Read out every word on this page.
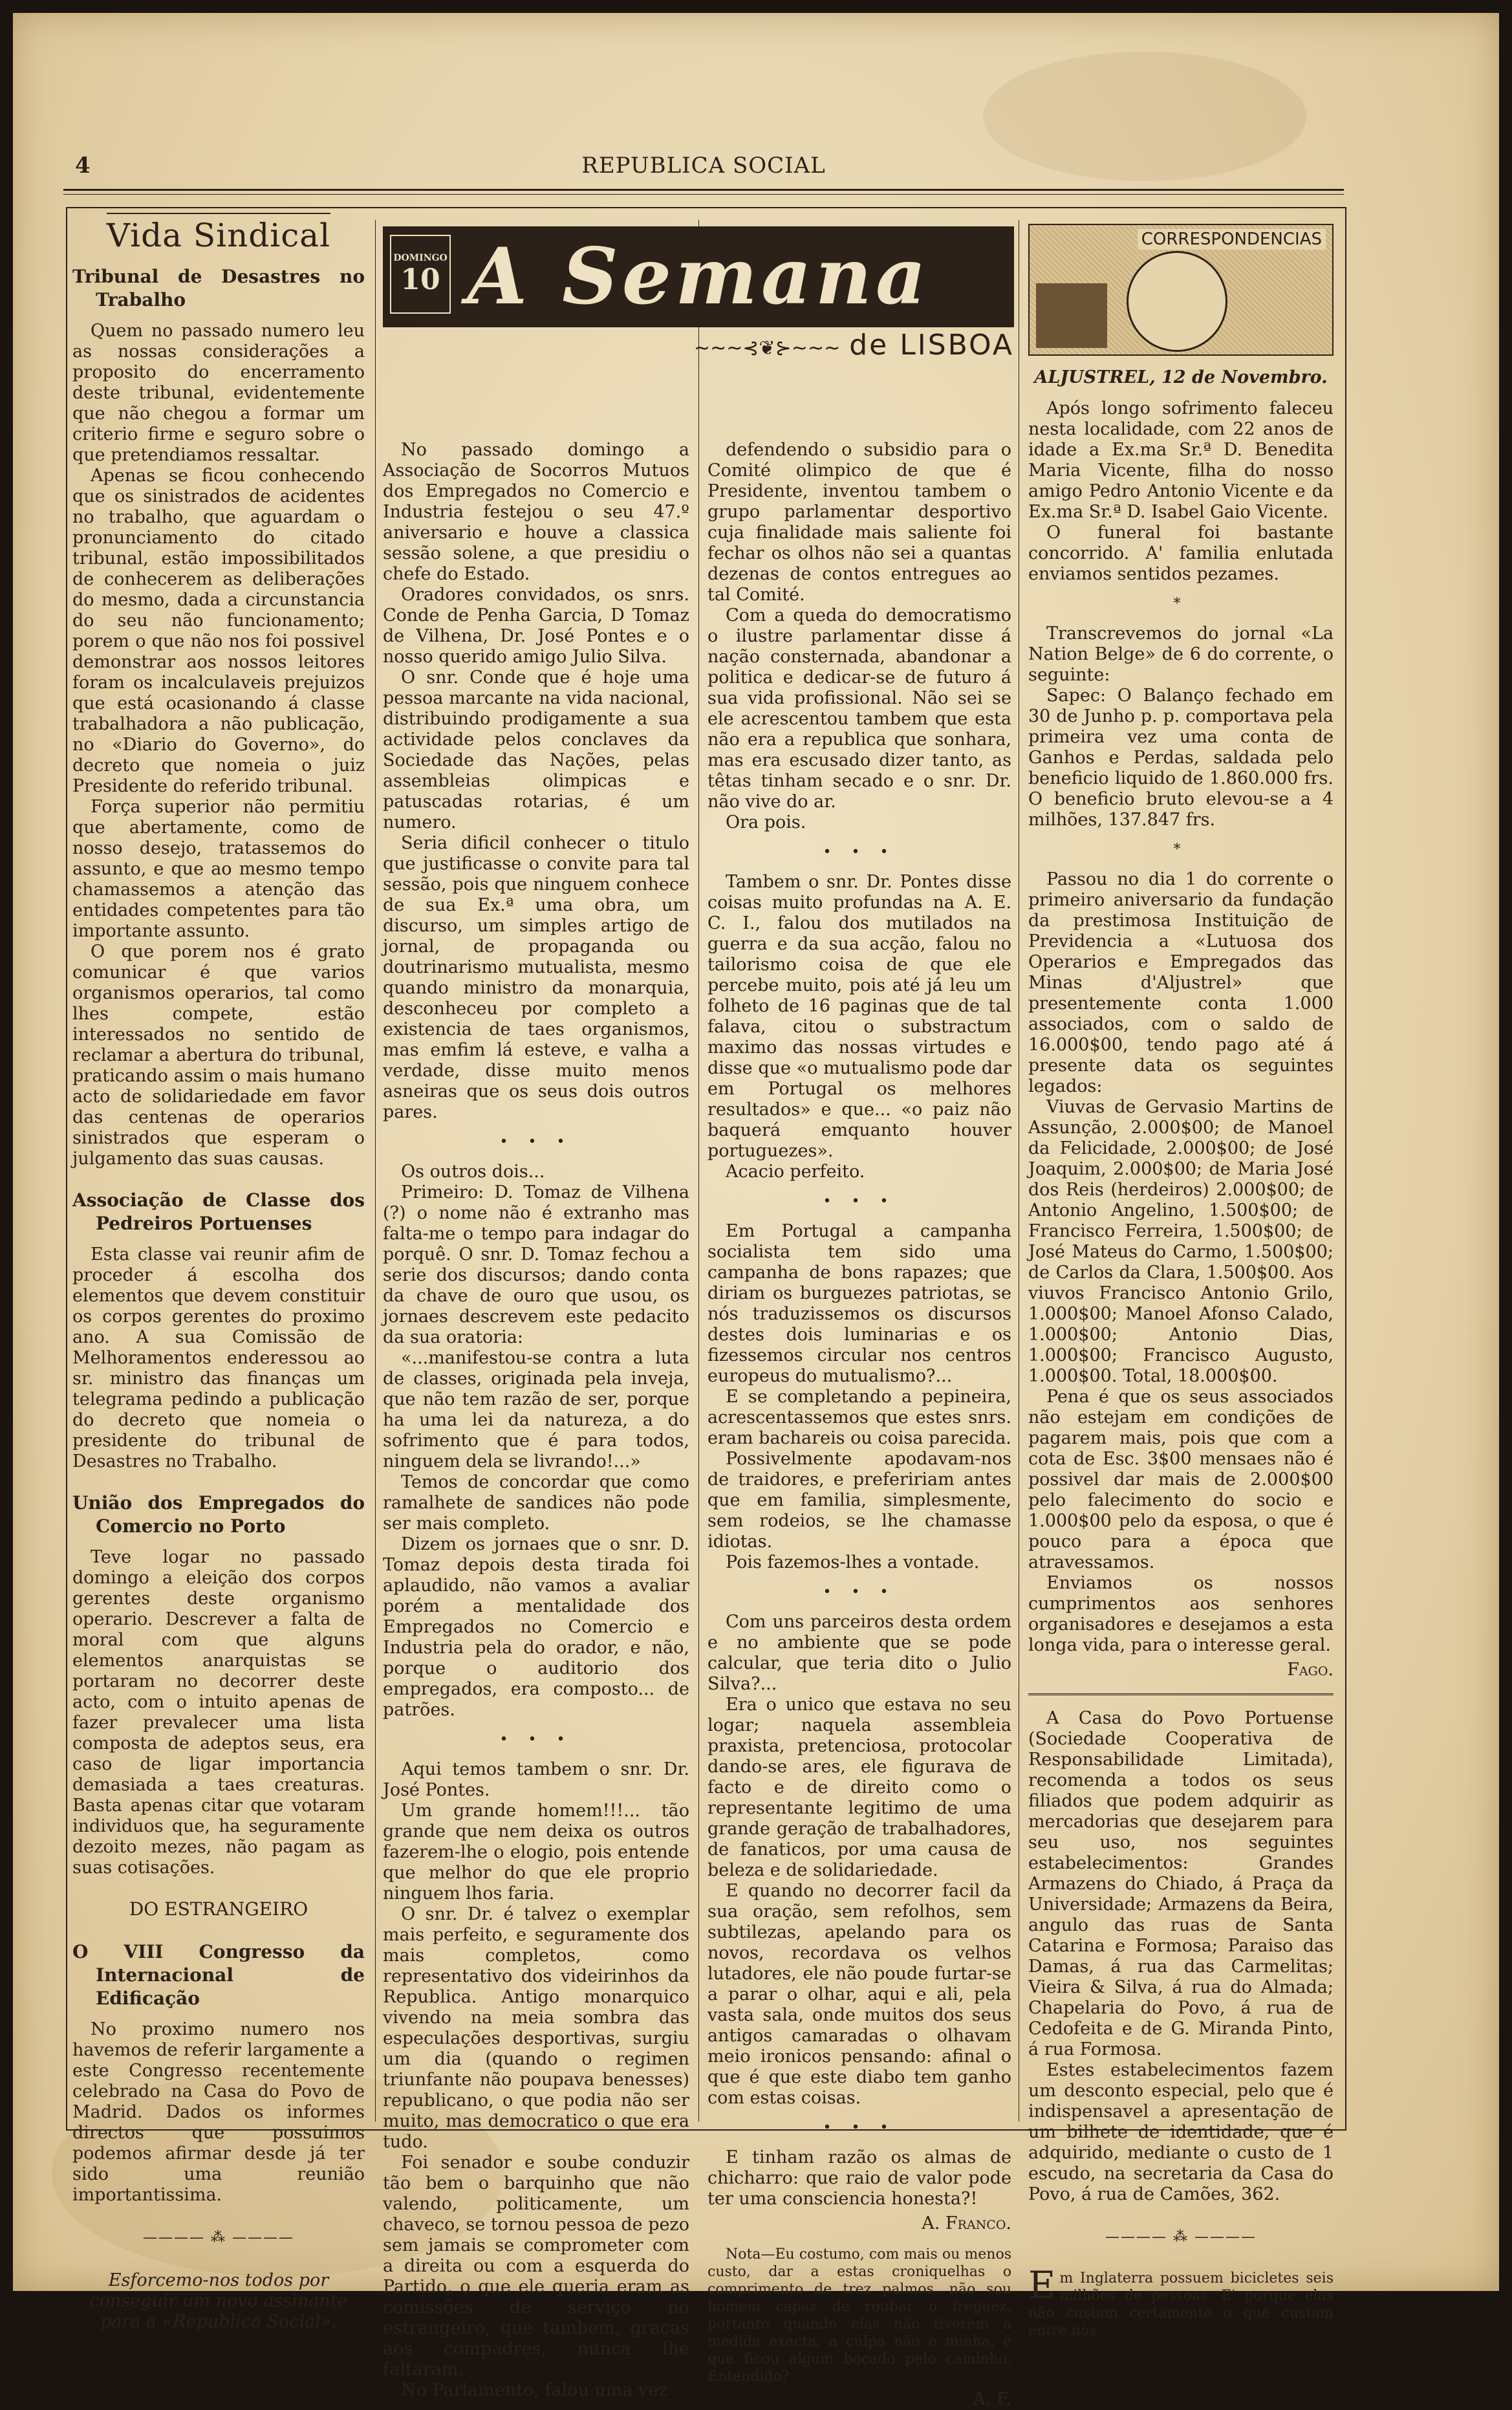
4	REPUBLICA SOCIAL
Vida Sindical
Tribunal de Desastres no Trabalho

Quem no passado numero leu as nossas considerações a proposito do encerramento deste tribunal, evidentemente que não chegou a formar um criterio firme e seguro sobre o que pretendiamos ressaltar.

Apenas se ficou conhecendo que os sinistrados de acidentes no trabalho, que aguardam o pronunciamento do citado tribunal, estão impossibilitados de conhecerem as deliberações do mesmo, dada a circunstancia do seu não funcionamento; porem o que não nos foi possivel demonstrar aos nossos leitores foram os incalculaveis prejuizos que está ocasionando á classe trabalhadora a não publicação, no «Diario do Governo», do decreto que nomeia o juiz Presidente do referido tribunal.

Força superior não permitiu que abertamente, como de nosso desejo, tratassemos do assunto, e que ao mesmo tempo chamassemos a atenção das entidades competentes para tão importante assunto.

O que porem nos é grato comunicar é que varios organismos operarios, tal como lhes compete, estão interessados no sentido de reclamar a abertura do tribunal, praticando assim o mais humano acto de solidariedade em favor das centenas de operarios sinistrados que esperam o julgamento das suas causas.

Associação de Classe dos Pedreiros Portuenses

Esta classe vai reunir afim de proceder á escolha dos elementos que devem constituir os corpos gerentes do proximo ano. A sua Comissão de Melhoramentos enderessou ao sr. ministro das finanças um telegrama pedindo a publicação do decreto que nomeia o presidente do tribunal de Desastres no Trabalho.

União dos Empregados do Comercio no Porto

Teve logar no passado domingo a eleição dos corpos gerentes deste organismo operario. Descrever a falta de moral com que alguns elementos anarquistas se portaram no decorrer deste acto, com o intuito apenas de fazer prevalecer uma lista composta de adeptos seus, era caso de ligar importancia demasiada a taes creaturas. Basta apenas citar que votaram individuos que, ha seguramente dezoito mezes, não pagam as suas cotisações.

DO ESTRANGEIRO
O VIII Congresso da Internacional de Edificação

No proximo numero nos havemos de referir largamente a este Congresso recentemente celebrado na Casa do Povo de Madrid. Dados os informes directos que possuimos podemos afirmar desde já ter sido uma reunião importantissima.

———— ⁂ ————

Esforcemo-nos todos por conseguir um novo assinante para a «Republica Social».

DOMINGO
10 A Semana
~~~⊰❦⊱~~~ de LISBOA

No passado domingo a Associação de Socorros Mutuos dos Empregados no Comercio e Industria festejou o seu 47.º aniversario e houve a classica sessão solene, a que presidiu o chefe do Estado.

Oradores convidados, os snrs. Conde de Penha Garcia, D Tomaz de Vilhena, Dr. José Pontes e o nosso querido amigo Julio Silva.

O snr. Conde que é hoje uma pessoa marcante na vida nacional, distribuindo prodigamente a sua actividade pelos conclaves da Sociedade das Nações, pelas assembleias olimpicas e patuscadas rotarias, é um numero.

Seria dificil conhecer o titulo que justificasse o convite para tal sessão, pois que ninguem conhece de sua Ex.ª uma obra, um discurso, um simples artigo de jornal, de propaganda ou doutrinarismo mutualista, mesmo quando ministro da monarquia, desconheceu por completo a existencia de taes organismos, mas emfim lá esteve, e valha a verdade, disse muito menos asneiras que os seus dois outros pares.

• • •

Os outros dois...

Primeiro: D. Tomaz de Vilhena (?) o nome não é extranho mas falta-me o tempo para indagar do porquê. O snr. D. Tomaz fechou a serie dos discursos; dando conta da chave de ouro que usou, os jornaes descrevem este pedacito da sua oratoria:

«...manifestou-se contra a luta de classes, originada pela inveja, que não tem razão de ser, porque ha uma lei da natureza, a do sofrimento que é para todos, ninguem dela se livrando!...»

Temos de concordar que como ramalhete de sandices não pode ser mais completo.

Dizem os jornaes que o snr. D. Tomaz depois desta tirada foi aplaudido, não vamos a avaliar porém a mentalidade dos Empregados no Comercio e Industria pela do orador, e não, porque o auditorio dos empregados, era composto... de patrões.

• • •

Aqui temos tambem o snr. Dr. José Pontes.

Um grande homem!!!... tão grande que nem deixa os outros fazerem-lhe o elogio, pois entende que melhor do que ele proprio ninguem lhos faria.

O snr. Dr. é talvez o exemplar mais perfeito, e seguramente dos mais completos, como representativo dos videirinhos da Republica. Antigo monarquico vivendo na meia sombra das especulações desportivas, surgiu um dia (quando o regimen triunfante não poupava benesses) republicano, o que podia não ser muito, mas democratico o que era tudo.

Foi senador e soube conduzir tão bem o barquinho que não valendo, politicamente, um chaveco, se tornou pessoa de pezo sem jamais se comprometer com a direita ou com a esquerda do Partido, o que ele queria eram as comissões de serviço no estrangeiro, que tambem, graças aos compadres, nunca lhe faltaram.

No Parlamento, falou uma vez

defendendo o subsidio para o Comité olimpico de que é Presidente, inventou tambem o grupo parlamentar desportivo cuja finalidade mais saliente foi fechar os olhos não sei a quantas dezenas de contos entregues ao tal Comité.

Com a queda do democratismo o ilustre parlamentar disse á nação consternada, abandonar a politica e dedicar-se de futuro á sua vida profissional. Não sei se ele acrescentou tambem que esta não era a republica que sonhara, mas era escusado dizer tanto, as têtas tinham secado e o snr. Dr. não vive do ar.

Ora pois.

• • •

Tambem o snr. Dr. Pontes disse coisas muito profundas na A. E. C. I., falou dos mutilados na guerra e da sua acção, falou no tailorismo coisa de que ele percebe muito, pois até já leu um folheto de 16 paginas que de tal falava, citou o substractum maximo das nossas virtudes e disse que «o mutualismo pode dar em Portugal os melhores resultados» e que... «o paiz não baquerá emquanto houver portuguezes».

Acacio perfeito.

• • •

Em Portugal a campanha socialista tem sido uma campanha de bons rapazes; que diriam os burguezes patriotas, se nós traduzissemos os discursos destes dois luminarias e os fizessemos circular nos centros europeus do mutualismo?...

E se completando a pepineira, acrescentassemos que estes snrs. eram bachareis ou coisa parecida.

Possivelmente apodavam-nos de traidores, e prefeririam antes que em familia, simplesmente, sem rodeios, se lhe chamasse idiotas.

Pois fazemos-lhes a vontade.

• • •

Com uns parceiros desta ordem e no ambiente que se pode calcular, que teria dito o Julio Silva?...

Era o unico que estava no seu logar; naquela assembleia praxista, pretenciosa, protocolar dando-se ares, ele figurava de facto e de direito como o representante legitimo de uma grande geração de trabalhadores, de fanaticos, por uma causa de beleza e de solidariedade.

E quando no decorrer facil da sua oração, sem refolhos, sem subtilezas, apelando para os novos, recordava os velhos lutadores, ele não poude furtar-se a parar o olhar, aqui e ali, pela vasta sala, onde muitos dos seus antigos camaradas o olhavam meio ironicos pensando: afinal o que é que este diabo tem ganho com estas coisas.

• • •

E tinham razão os almas de chicharro: que raio de valor pode ter uma consciencia honesta?!

A. Franco.

Nota—Eu costumo, com mais ou menos custo, dar a estas croniquelhas o comprimento de trez palmos, não sou homem capaz de roubar o freguez, portanto quando elas não tiverem a medida exacta, a culpa não é minha, é que ficou algum bocado pelo caminho. Entendido?

A. F.
CORRESPONDENCIAS
ALJUSTREL, 12 de Novembro.

Após longo sofrimento faleceu nesta localidade, com 22 anos de idade a Ex.ma Sr.ª D. Benedita Maria Vicente, filha do nosso amigo Pedro Antonio Vicente e da Ex.ma Sr.ª D. Isabel Gaio Vicente.

O funeral foi bastante concorrido. A' familia enlutada enviamos sentidos pezames.

*

Transcrevemos do jornal «La Nation Belge» de 6 do corrente, o seguinte:

Sapec: O Balanço fechado em 30 de Junho p. p. comportava pela primeira vez uma conta de Ganhos e Perdas, saldada pelo beneficio liquido de 1.860.000 frs. O beneficio bruto elevou-se a 4 milhões, 137.847 frs.

*

Passou no dia 1 do corrente o primeiro aniversario da fundação da prestimosa Instituição de Previdencia a «Lutuosa dos Operarios e Empregados das Minas d'Aljustrel» que presentemente conta 1.000 associados, com o saldo de 16.000$00, tendo pago até á presente data os seguintes legados:

Viuvas de Gervasio Martins de Assunção, 2.000$00; de Manoel da Felicidade, 2.000$00; de José Joaquim, 2.000$00; de Maria José dos Reis (herdeiros) 2.000$00; de Antonio Angelino, 1.500$00; de Francisco Ferreira, 1.500$00; de José Mateus do Carmo, 1.500$00; de Carlos da Clara, 1.500$00. Aos viuvos Francisco Antonio Grilo, 1.000$00; Manoel Afonso Calado, 1.000$00; Antonio Dias, 1.000$00; Francisco Augusto, 1.000$00. Total, 18.000$00.

Pena é que os seus associados não estejam em condições de pagarem mais, pois que com a cota de Esc. 3$00 mensaes não é possivel dar mais de 2.000$00 pelo falecimento do socio e 1.000$00 pelo da esposa, o que é pouco para a época que atravessamos.

Enviamos os nossos cumprimentos aos senhores organisadores e desejamos a esta longa vida, para o interesse geral.

Fago.

A Casa do Povo Portuense (Sociedade Cooperativa de Responsabilidade Limitada), recomenda a todos os seus filiados que podem adquirir as mercadorias que desejarem para seu uso, nos seguintes estabelecimentos: Grandes Armazens do Chiado, á Praça da Universidade; Armazens da Beira, angulo das ruas de Santa Catarina e Formosa; Paraiso das Damas, á rua das Carmelitas; Vieira & Silva, á rua do Almada; Chapelaria do Povo, á rua de Cedofeita e de G. Miranda Pinto, á rua Formosa.

Estes estabelecimentos fazem um desconto especial, pelo que é indispensavel a apresentação de um bilhete de identidade, que é adquirido, mediante o custo de 1 escudo, na secretaria da Casa do Povo, á rua de Camões, 362.

———— ⁂ ————

Em Inglaterra possuem bicicletes seis milhões de pessoas. E' porque elas não custam certamente o que custam entre nós.
